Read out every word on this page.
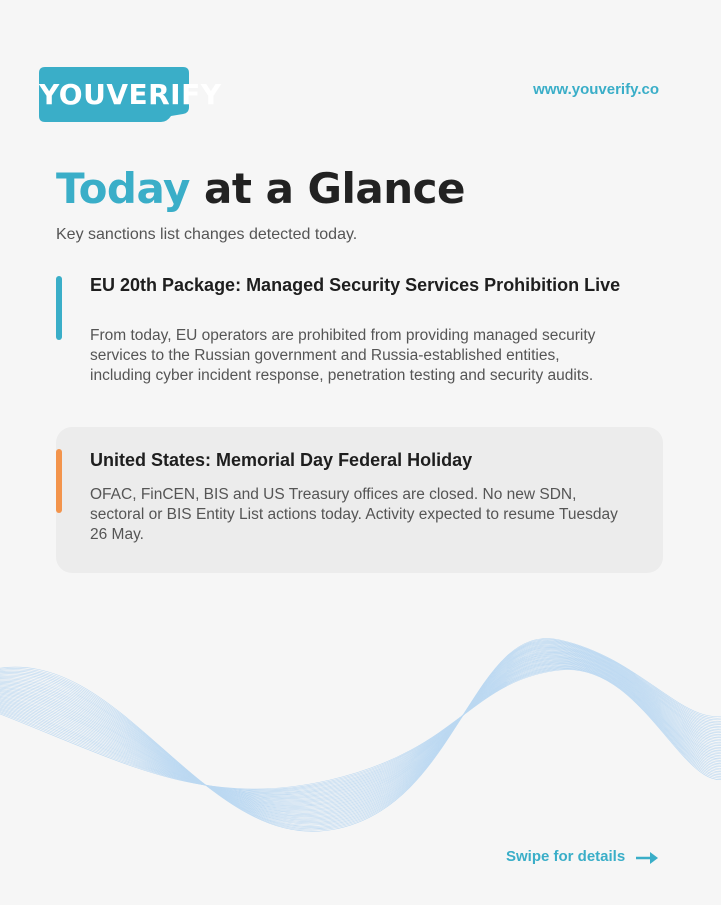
YOUVERIFY	www.youverify.co
Today at a Glance
Key sanctions list changes detected today.
EU 20th Package: Managed Security Services Prohibition Live
From today, EU operators are prohibited from providing managed security services to the Russian government and Russia-established entities, including cyber incident response, penetration testing and security audits.
United States: Memorial Day Federal Holiday
OFAC, FinCEN, BIS and US Treasury offices are closed. No new SDN, sectoral or BIS Entity List actions today. Activity expected to resume Tuesday 26 May.
Swipe for details
